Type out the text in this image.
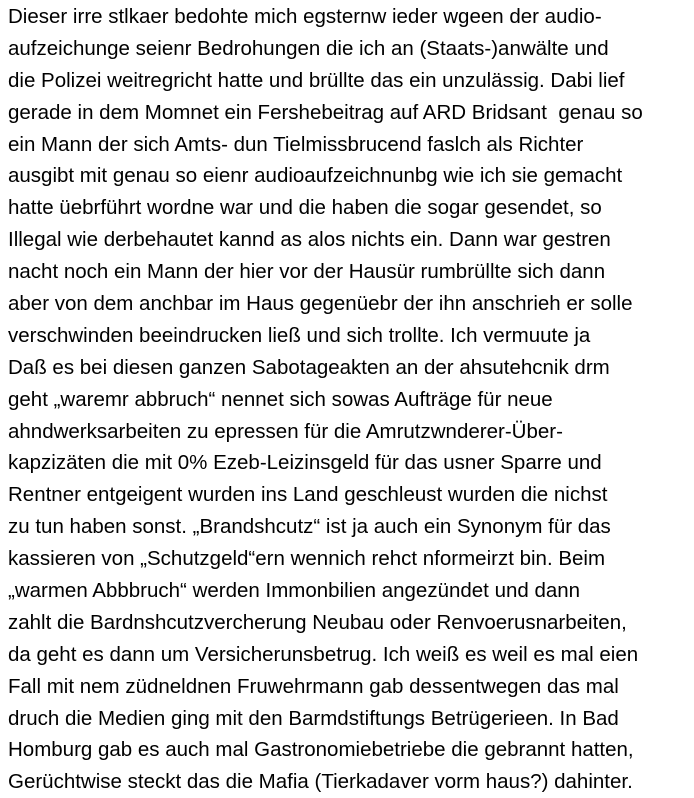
Dieser irre stlkaer bedohte mich egsternw ieder wgeen der audio-
aufzeichunge seienr Bedrohungen die ich an (Staats-)anwälte und
die Polizei weitregricht hatte und brüllte das ein unzulässig. Dabi lief
gerade in dem Momnet ein Fershebeitrag auf ARD Bridsant  genau so
ein Mann der sich Amts- dun Tielmissbrucend faslch als Richter
ausgibt mit genau so eienr audioaufzeichnunbg wie ich sie gemacht
hatte üebrführt wordne war und die haben die sogar gesendet, so
Illegal wie derbehautet kannd as alos nichts ein. Dann war gestren
nacht noch ein Mann der hier vor der Hausür rumbrüllte sich dann
aber von dem anchbar im Haus gegenüebr der ihn anschrieh er solle
verschwinden beeindrucken ließ und sich trollte. Ich vermuute ja
Daß es bei diesen ganzen Sabotageakten an der ahsutehcnik drm
geht „waremr abbruch“ nennet sich sowas Aufträge für neue
ahndwerksarbeiten zu epressen für die Amrutzwnderer-Über-
kapzizäten die mit 0% Ezeb-Leizinsgeld für das usner Sparre und
Rentner entgeigent wurden ins Land geschleust wurden die nichst
zu tun haben sonst. „Brandshcutz“ ist ja auch ein Synonym für das
kassieren von „Schutzgeld“ern wennich rehct nformeirzt bin. Beim
„warmen Abbbruch“ werden Immonbilien angezündet und dann
zahlt die Bardnshcutzvercherung Neubau oder Renvoerusnarbeiten,
da geht es dann um Versicherunsbetrug. Ich weiß es weil es mal eien
Fall mit nem züdneldnen Fruwehrmann gab dessentwegen das mal
druch die Medien ging mit den Barmdstiftungs Betrügerieen. In Bad
Homburg gab es auch mal Gastronomiebetriebe die gebrannt hatten,
Gerüchtwise steckt das die Mafia (Tierkadaver vorm haus?) dahinter.
